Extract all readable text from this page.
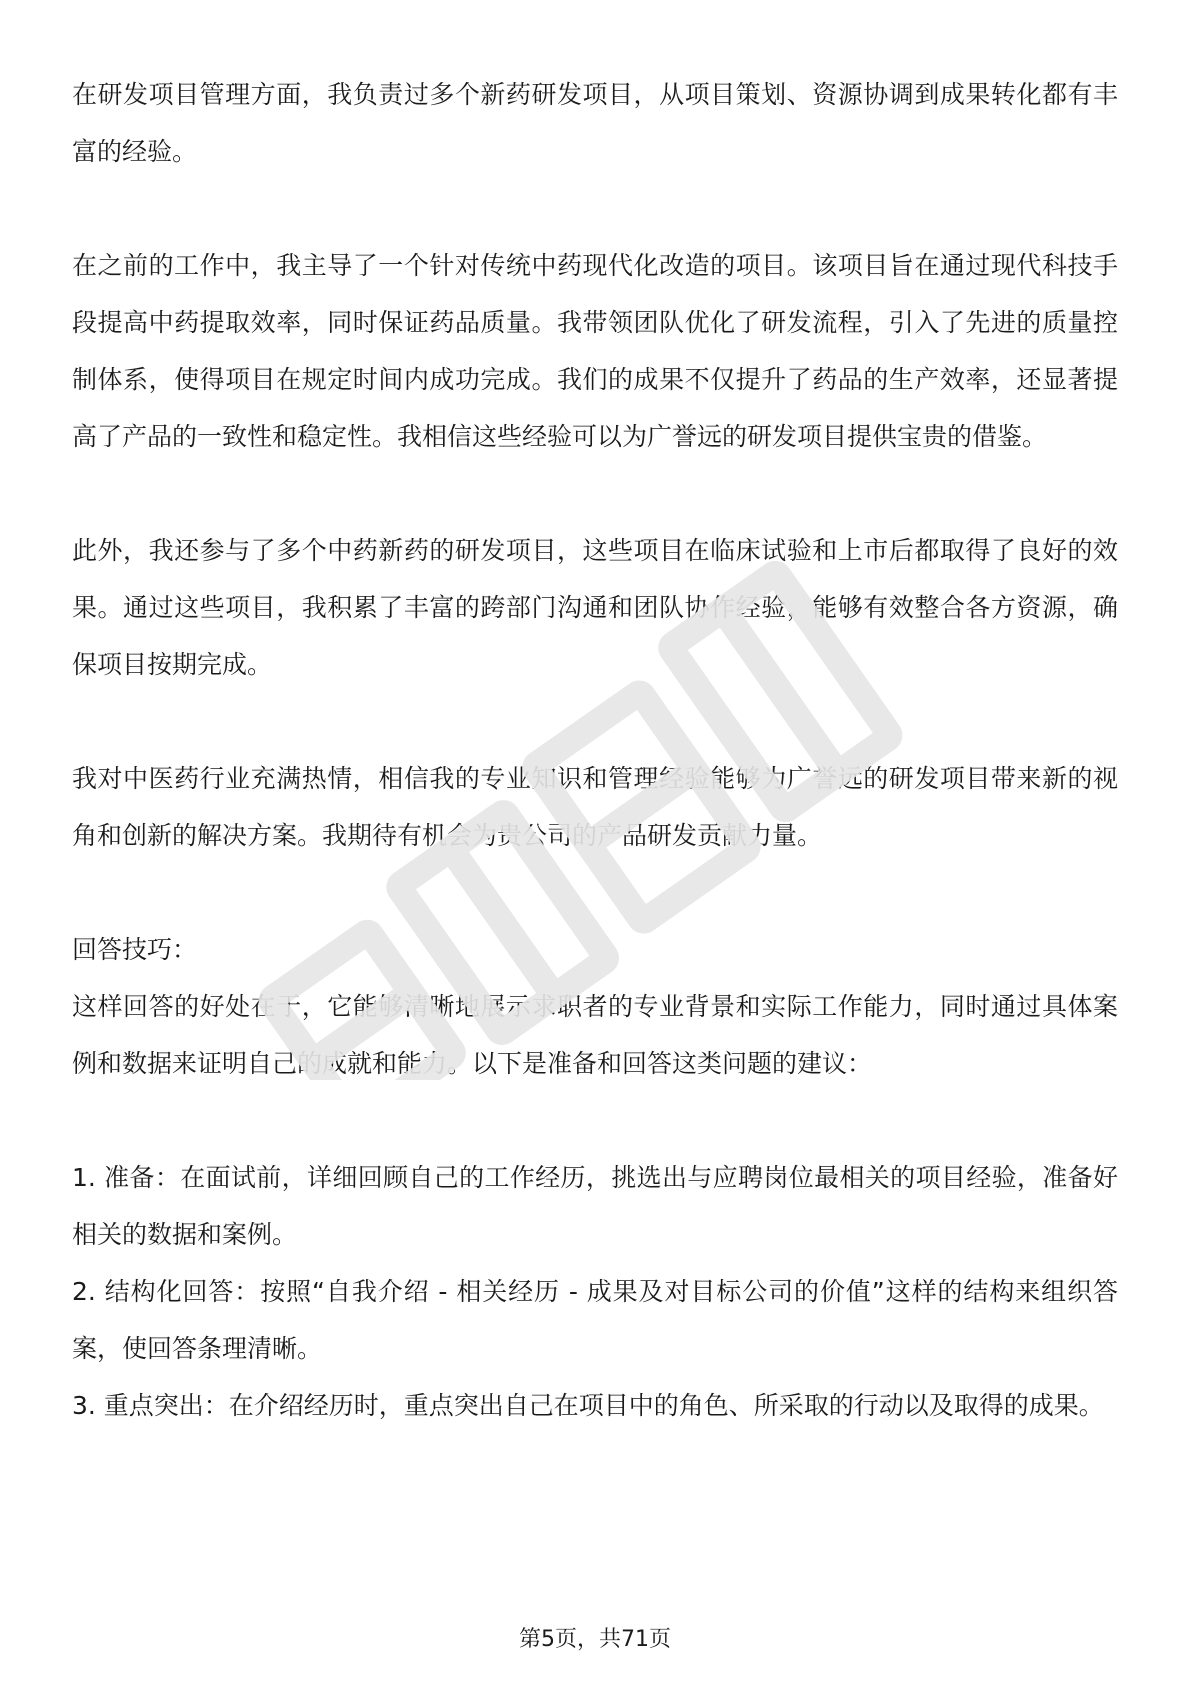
在研发项目管理方面，我负责过多个新药研发项目，从项目策划、资源协调到成果转化都有丰富的经验。

在之前的工作中，我主导了一个针对传统中药现代化改造的项目。该项目旨在通过现代科技手段提高中药提取效率，同时保证药品质量。我带领团队优化了研发流程，引入了先进的质量控制体系，使得项目在规定时间内成功完成。我们的成果不仅提升了药品的生产效率，还显著提高了产品的一致性和稳定性。我相信这些经验可以为广誉远的研发项目提供宝贵的借鉴。

此外，我还参与了多个中药新药的研发项目，这些项目在临床试验和上市后都取得了良好的效果。通过这些项目，我积累了丰富的跨部门沟通和团队协作经验，能够有效整合各方资源，确保项目按期完成。

我对中医药行业充满热情，相信我的专业知识和管理经验能够为广誉远的研发项目带来新的视角和创新的解决方案。我期待有机会为贵公司的产品研发贡献力量。

回答技巧：

这样回答的好处在于，它能够清晰地展示求职者的专业背景和实际工作能力，同时通过具体案例和数据来证明自己的成就和能力。以下是准备和回答这类问题的建议：

1. 准备：在面试前，详细回顾自己的工作经历，挑选出与应聘岗位最相关的项目经验，准备好相关的数据和案例。
2. 结构化回答：按照“自我介绍 - 相关经历 - 成果及对目标公司的价值”这样的结构来组织答案，使回答条理清晰。
3. 重点突出：在介绍经历时，重点突出自己在项目中的角色、所采取的行动以及取得的成果。
第5页，共71页
